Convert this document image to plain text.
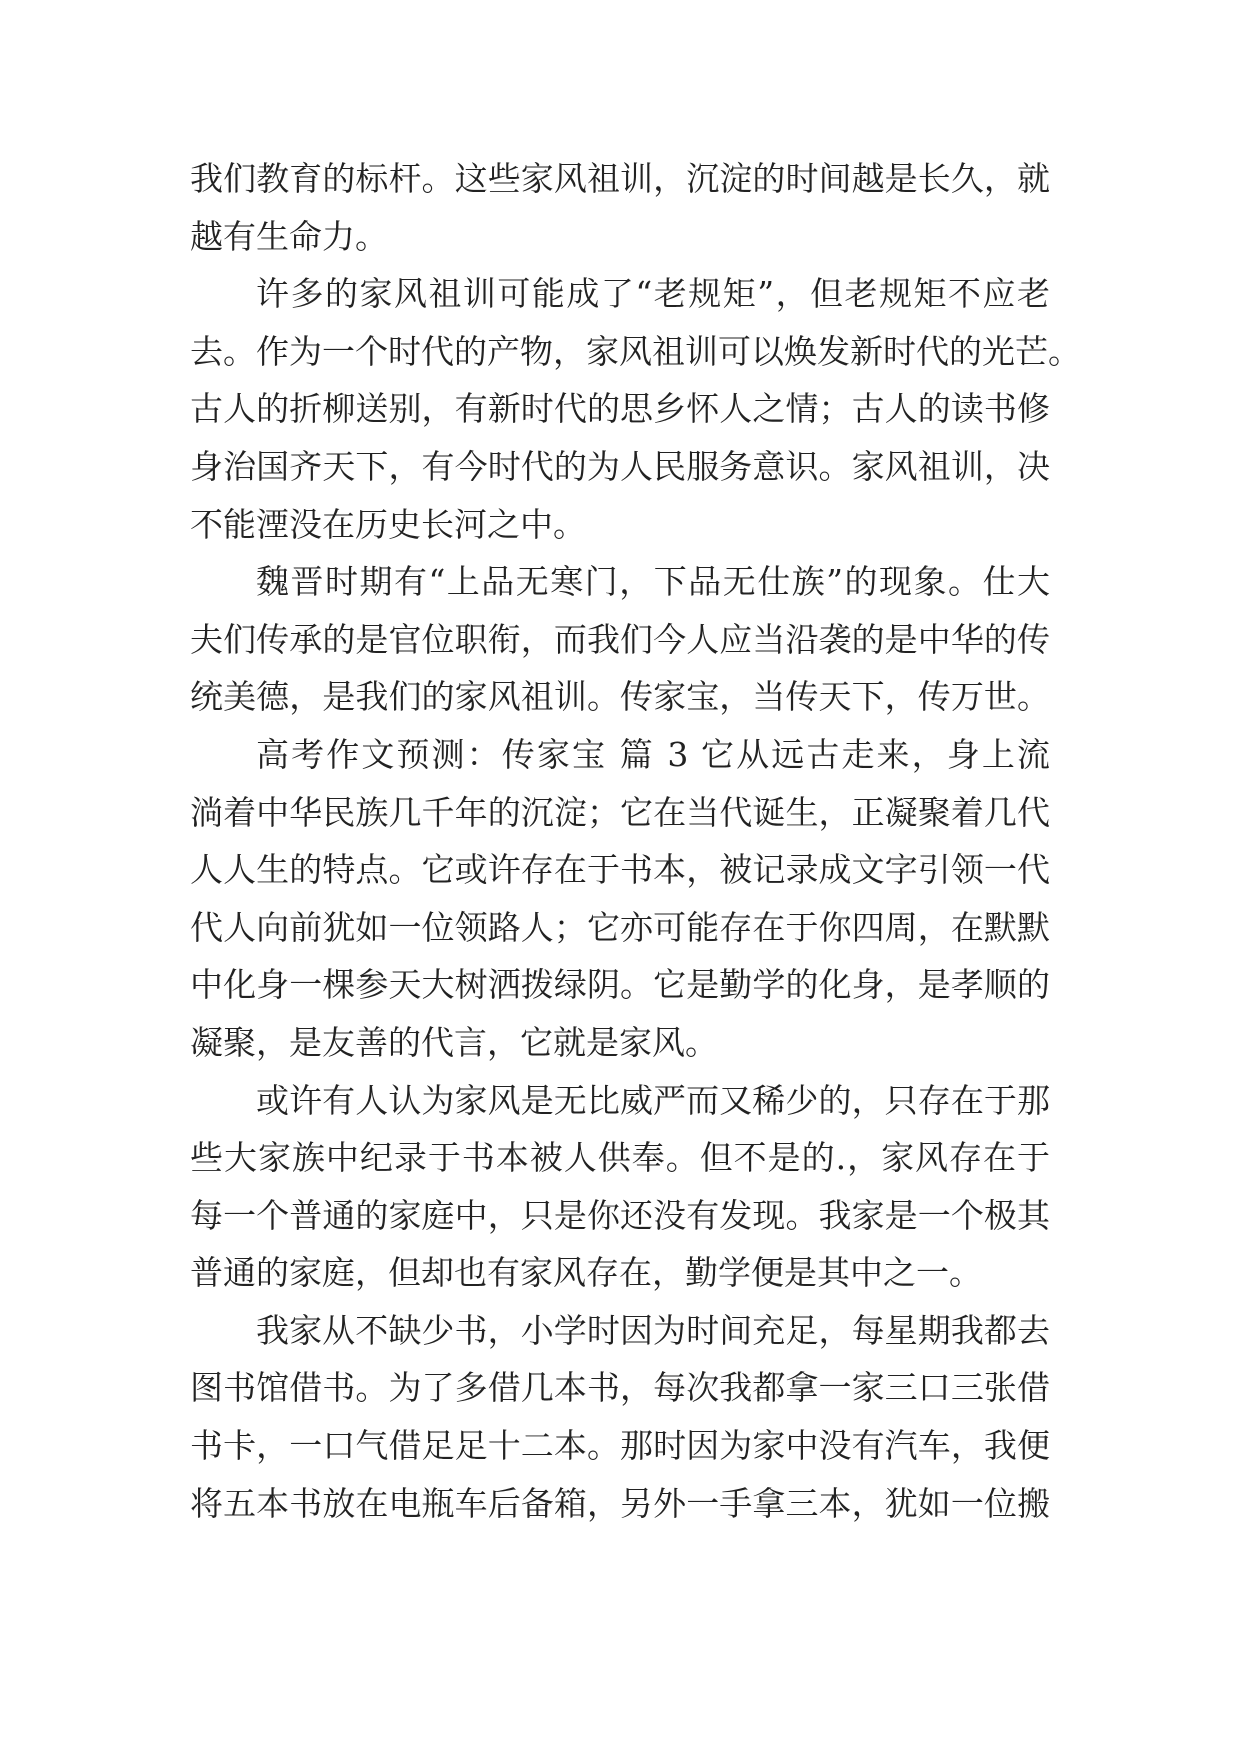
我们教育的标杆。这些家风祖训，沉淀的时间越是长久，就
越有生命力。
许多的家风祖训可能成了“老规矩”，但老规矩不应老
去。作为一个时代的产物，家风祖训可以焕发新时代的光芒。
古人的折柳送别，有新时代的思乡怀人之情；古人的读书修
身治国齐天下，有今时代的为人民服务意识。家风祖训，决
不能湮没在历史长河之中。
魏晋时期有“上品无寒门，下品无仕族”的现象。仕大
夫们传承的是官位职衔，而我们今人应当沿袭的是中华的传
统美德，是我们的家风祖训。传家宝，当传天下，传万世。
高考作文预测：传家宝 篇 3 它从远古走来，身上流
淌着中华民族几千年的沉淀；它在当代诞生，正凝聚着几代
人人生的特点。它或许存在于书本，被记录成文字引领一代
代人向前犹如一位领路人；它亦可能存在于你四周，在默默
中化身一棵参天大树洒拨绿阴。它是勤学的化身，是孝顺的
凝聚，是友善的代言，它就是家风。
或许有人认为家风是无比威严而又稀少的，只存在于那
些大家族中纪录于书本被人供奉。但不是的.，家风存在于
每一个普通的家庭中，只是你还没有发现。我家是一个极其
普通的家庭，但却也有家风存在，勤学便是其中之一。
我家从不缺少书，小学时因为时间充足，每星期我都去
图书馆借书。为了多借几本书，每次我都拿一家三口三张借
书卡，一口气借足足十二本。那时因为家中没有汽车，我便
将五本书放在电瓶车后备箱，另外一手拿三本，犹如一位搬
